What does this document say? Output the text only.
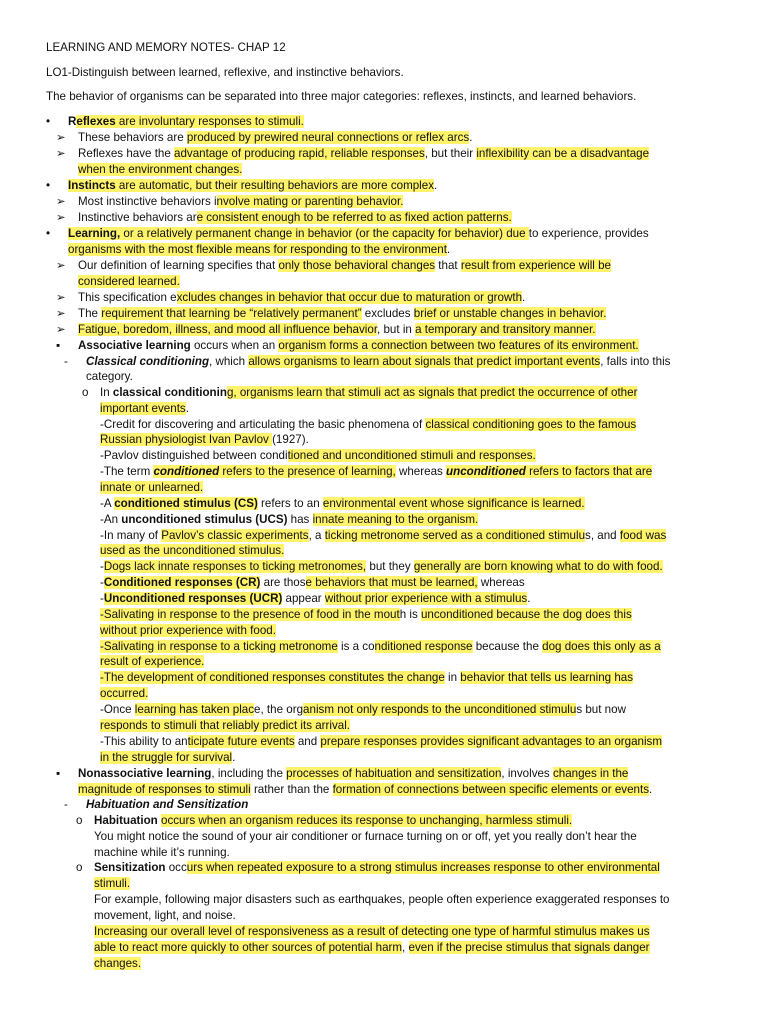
LEARNING AND MEMORY NOTES- CHAP 12
LO1-Distinguish between learned, reflexive, and instinctive behaviors.
The behavior of organisms can be separated into three major categories: reflexes, instincts, and learned behaviors.
• Reflexes are involuntary responses to stimuli.
➢ These behaviors are produced by prewired neural connections or reflex arcs.
➢ Reflexes have the advantage of producing rapid, reliable responses, but their inflexibility can be a disadvantage
when the environment changes.
• Instincts are automatic, but their resulting behaviors are more complex.
➢ Most instinctive behaviors involve mating or parenting behavior.
➢ Instinctive behaviors are consistent enough to be referred to as fixed action patterns.
• Learning, or a relatively permanent change in behavior (or the capacity for behavior) due to experience, provides
organisms with the most flexible means for responding to the environment.
➢ Our definition of learning specifies that only those behavioral changes that result from experience will be
considered learned.
➢ This specification excludes changes in behavior that occur due to maturation or growth.
➢ The requirement that learning be “relatively permanent” excludes brief or unstable changes in behavior.
➢ Fatigue, boredom, illness, and mood all influence behavior, but in a temporary and transitory manner.
▪ Associative learning occurs when an organism forms a connection between two features of its environment.
- Classical conditioning, which allows organisms to learn about signals that predict important events, falls into this
category.
o In classical conditioning, organisms learn that stimuli act as signals that predict the occurrence of other
important events.
-Credit for discovering and articulating the basic phenomena of classical conditioning goes to the famous
Russian physiologist Ivan Pavlov (1927).
-Pavlov distinguished between conditioned and unconditioned stimuli and responses.
-The term conditioned refers to the presence of learning, whereas unconditioned refers to factors that are
innate or unlearned.
-A conditioned stimulus (CS) refers to an environmental event whose significance is learned.
-An unconditioned stimulus (UCS) has innate meaning to the organism.
-In many of Pavlov’s classic experiments, a ticking metronome served as a conditioned stimulus, and food was
used as the unconditioned stimulus.
-Dogs lack innate responses to ticking metronomes, but they generally are born knowing what to do with food.
-Conditioned responses (CR) are those behaviors that must be learned, whereas
-Unconditioned responses (UCR) appear without prior experience with a stimulus.
-Salivating in response to the presence of food in the mouth is unconditioned because the dog does this
without prior experience with food.
-Salivating in response to a ticking metronome is a conditioned response because the dog does this only as a
result of experience.
-The development of conditioned responses constitutes the change in behavior that tells us learning has
occurred.
-Once learning has taken place, the organism not only responds to the unconditioned stimulus but now
responds to stimuli that reliably predict its arrival.
-This ability to anticipate future events and prepare responses provides significant advantages to an organism
in the struggle for survival.
▪ Nonassociative learning, including the processes of habituation and sensitization, involves changes in the
magnitude of responses to stimuli rather than the formation of connections between specific elements or events.
- Habituation and Sensitization
o Habituation occurs when an organism reduces its response to unchanging, harmless stimuli.
You might notice the sound of your air conditioner or furnace turning on or off, yet you really don’t hear the
machine while it’s running.
o Sensitization occurs when repeated exposure to a strong stimulus increases response to other environmental
stimuli.
For example, following major disasters such as earthquakes, people often experience exaggerated responses to
movement, light, and noise.
Increasing our overall level of responsiveness as a result of detecting one type of harmful stimulus makes us
able to react more quickly to other sources of potential harm, even if the precise stimulus that signals danger
changes.
